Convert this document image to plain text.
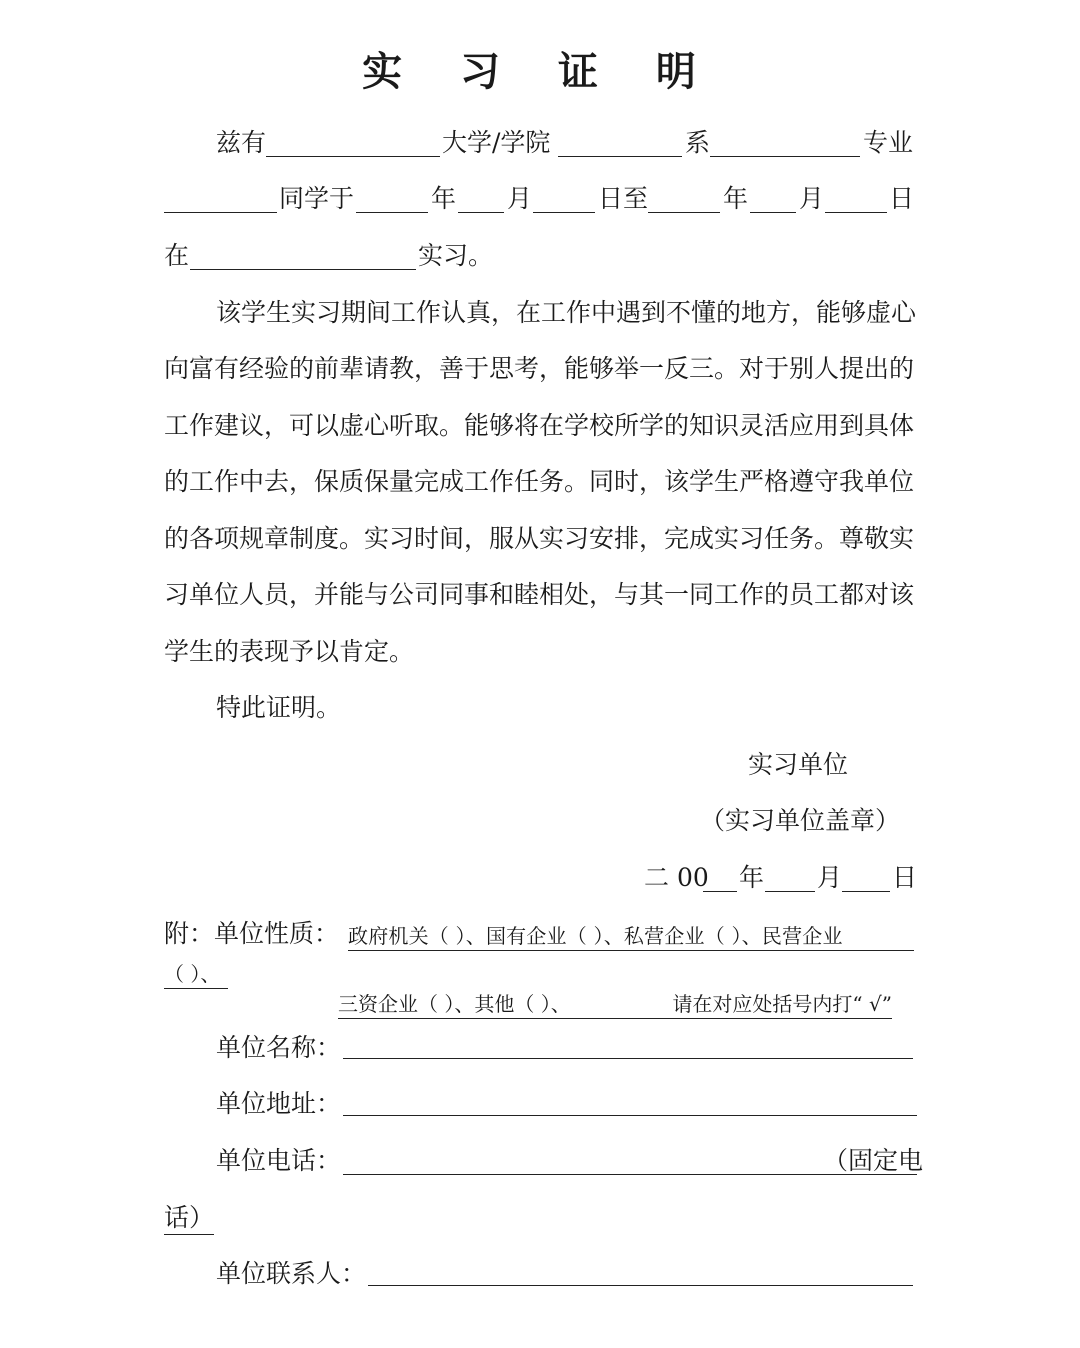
实 习 证 明
兹有	大学/学院	系	专业
同学于	年 月	日至	年 月	日
在	实习。
该学生实习期间工作认真，在工作中遇到不懂的地方，能够虚心
向富有经验的前辈请教，善于思考，能够举一反三。对于别人提出的
工作建议，可以虚心听取。能够将在学校所学的知识灵活应用到具体
的工作中去，保质保量完成工作任务。同时，该学生严格遵守我单位
的各项规章制度。实习时间，服从实习安排，完成实习任务。尊敬实
习单位人员，并能与公司同事和睦相处，与其一同工作的员工都对该
学生的表现予以肯定。
特此证明。
实习单位
（实习单位盖章）
二 00 年 月 日
附：单位性质： 政府机关（ ）、国有企业（ ）、私营企业（ ）、民营企业
（ ）、
三资企业（ ）、其他（ ）、	请在对应处括号内打“ √”
单位名称：
单位地址：
单位电话：	（固定电
话）
单位联系人：
